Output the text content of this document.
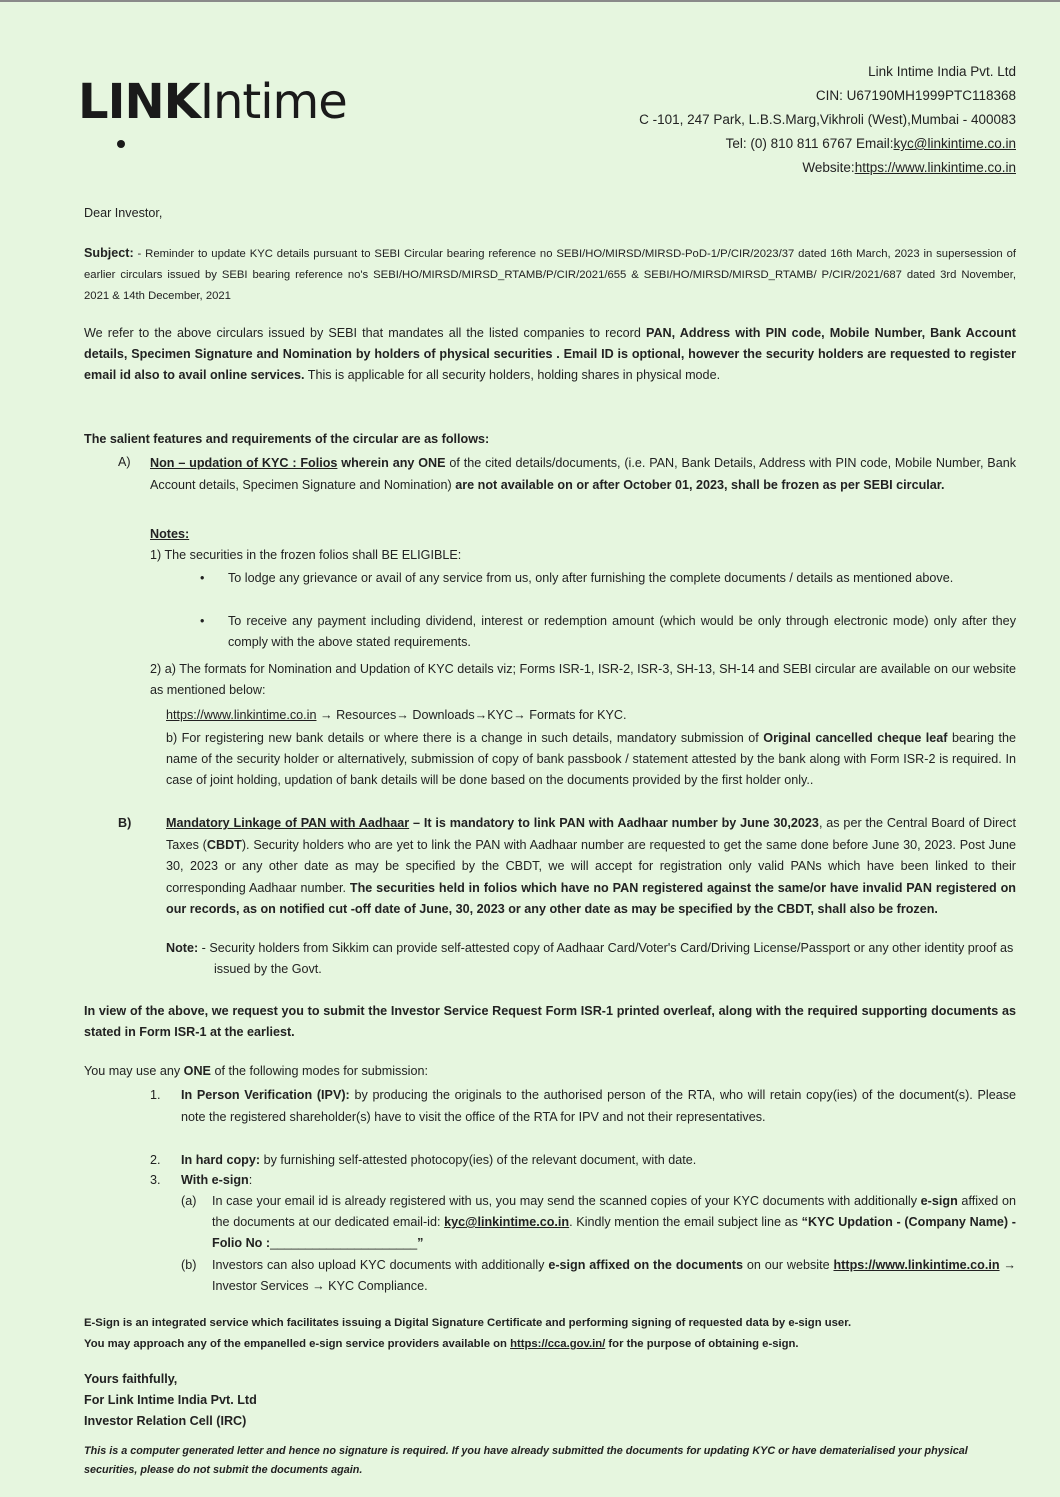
LINKIntime
Link Intime India Pvt. Ltd
CIN: U67190MH1999PTC118368
C -101, 247 Park, L.B.S.Marg,Vikhroli (West),Mumbai - 400083
Tel: (0) 810 811 6767 Email:kyc@linkintime.co.in
Website:https://www.linkintime.co.in
Dear Investor,
Subject: - Reminder to update KYC details pursuant to SEBI Circular bearing reference no SEBI/HO/MIRSD/MIRSD-PoD-1/P/CIR/2023/37 dated 16th March, 2023 in supersession of earlier circulars issued by SEBI bearing reference no's SEBI/HO/MIRSD/MIRSD_RTAMB/P/CIR/2021/655 & SEBI/HO/MIRSD/MIRSD_RTAMB/ P/CIR/2021/687 dated 3rd November, 2021 & 14th December, 2021
We refer to the above circulars issued by SEBI that mandates all the listed companies to record PAN, Address with PIN code, Mobile Number, Bank Account details, Specimen Signature and Nomination by holders of physical securities . Email ID is optional, however the security holders are requested to register email id also to avail online services. This is applicable for all security holders, holding shares in physical mode.
The salient features and requirements of the circular are as follows:
A) Non – updation of KYC : Folios wherein any ONE of the cited details/documents, (i.e. PAN, Bank Details, Address with PIN code, Mobile Number, Bank Account details, Specimen Signature and Nomination) are not available on or after October 01, 2023, shall be frozen as per SEBI circular.
Notes:
1) The securities in the frozen folios shall BE ELIGIBLE:
• To lodge any grievance or avail of any service from us, only after furnishing the complete documents / details as mentioned above.
• To receive any payment including dividend, interest or redemption amount (which would be only through electronic mode) only after they comply with the above stated requirements.
2) a) The formats for Nomination and Updation of KYC details viz; Forms ISR-1, ISR-2, ISR-3, SH-13, SH-14 and SEBI circular are available on our website as mentioned below:
https://www.linkintime.co.in → Resources→ Downloads→KYC→ Formats for KYC.
b) For registering new bank details or where there is a change in such details, mandatory submission of Original cancelled cheque leaf bearing the name of the security holder or alternatively, submission of copy of bank passbook / statement attested by the bank along with Form ISR-2 is required. In case of joint holding, updation of bank details will be done based on the documents provided by the first holder only..
B)	Mandatory Linkage of PAN with Aadhaar – It is mandatory to link PAN with Aadhaar number by June 30,2023, as per the Central Board of Direct Taxes (CBDT). Security holders who are yet to link the PAN with Aadhaar number are requested to get the same done before June 30, 2023. Post June 30, 2023 or any other date as may be specified by the CBDT, we will accept for registration only valid PANs which have been linked to their corresponding Aadhaar number. The securities held in folios which have no PAN registered against the same/or have invalid PAN registered on our records, as on notified cut -off date of June, 30, 2023 or any other date as may be specified by the CBDT, shall also be frozen.
Note: - Security holders from Sikkim can provide self-attested copy of Aadhaar Card/Voter's Card/Driving License/Passport or any other identity proof as issued by the Govt.
In view of the above, we request you to submit the Investor Service Request Form ISR-1 printed overleaf, along with the required supporting documents as stated in Form ISR-1 at the earliest.
You may use any ONE of the following modes for submission:
1. In Person Verification (IPV): by producing the originals to the authorised person of the RTA, who will retain copy(ies) of the document(s). Please note the registered shareholder(s) have to visit the office of the RTA for IPV and not their representatives.
2. In hard copy: by furnishing self-attested photocopy(ies) of the relevant document, with date.
3. With e-sign:
(a) In case your email id is already registered with us, you may send the scanned copies of your KYC documents with additionally e-sign affixed on the documents at our dedicated email-id: kyc@linkintime.co.in. Kindly mention the email subject line as “KYC Updation - (Company Name) - Folio No :_____________________”
(b) Investors can also upload KYC documents with additionally e-sign affixed on the documents on our website https://www.linkintime.co.in → Investor Services → KYC Compliance.
E-Sign is an integrated service which facilitates issuing a Digital Signature Certificate and performing signing of requested data by e-sign user.
You may approach any of the empanelled e-sign service providers available on https://cca.gov.in/ for the purpose of obtaining e-sign.
Yours faithfully,
For Link Intime India Pvt. Ltd
Investor Relation Cell (IRC)
This is a computer generated letter and hence no signature is required. If you have already submitted the documents for updating KYC or have dematerialised your physical securities, please do not submit the documents again.
